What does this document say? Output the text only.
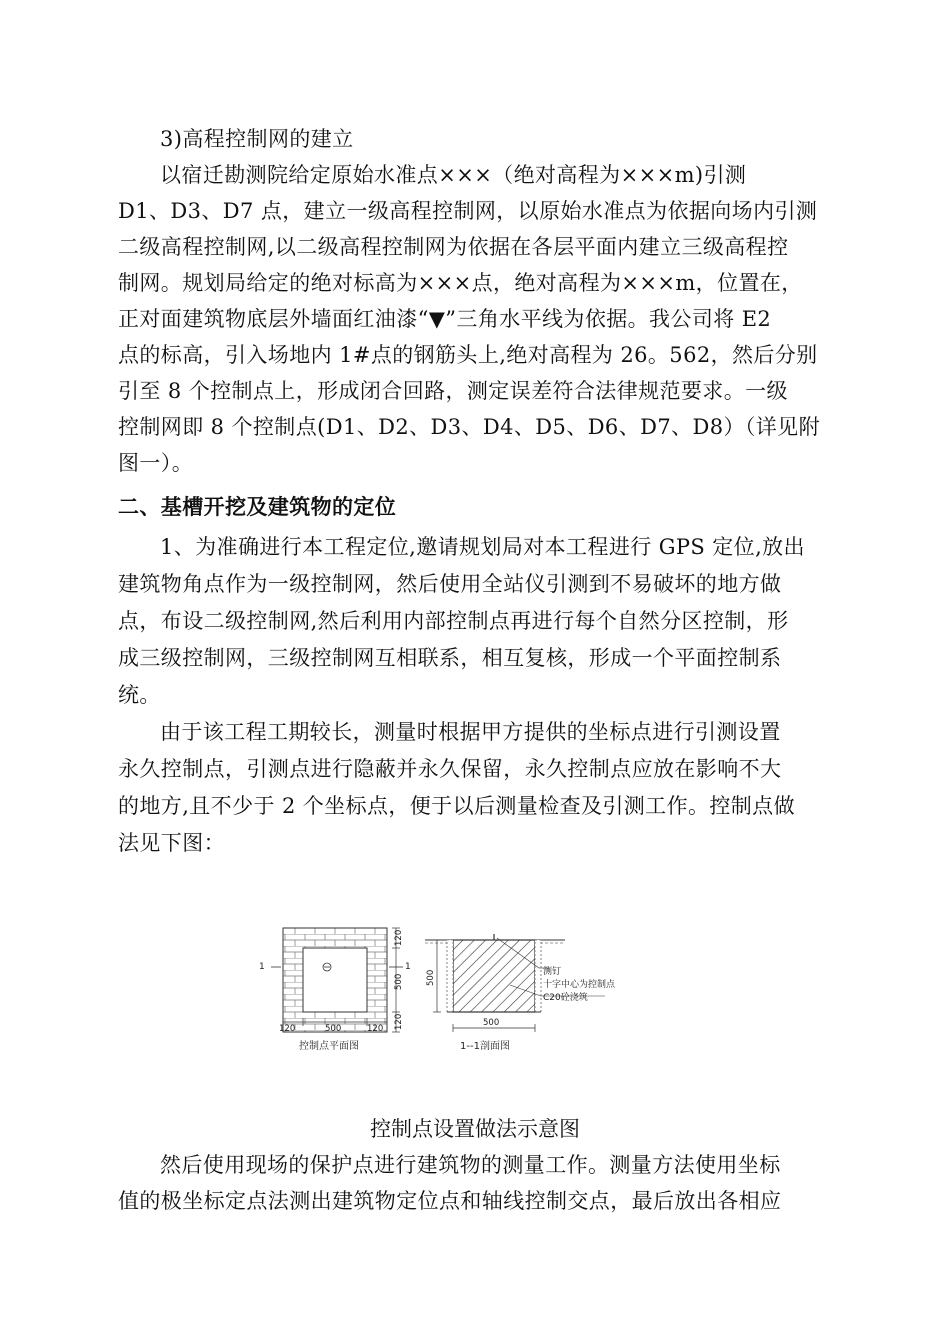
3)高程控制网的建立
以宿迁勘测院给定原始水准点×××（绝对高程为×××m)引测
D1、D3、D7 点，建立一级高程控制网，以原始水准点为依据向场内引测
二级高程控制网,以二级高程控制网为依据在各层平面内建立三级高程控
制网。规划局给定的绝对标高为×××点，绝对高程为×××m，位置在，
正对面建筑物底层外墙面红油漆“▼”三角水平线为依据。我公司将 E2
点的标高，引入场地内 1#点的钢筋头上,绝对高程为 26。562，然后分别
引至 8 个控制点上，形成闭合回路，测定误差符合法律规范要求。一级
控制网即 8 个控制点(D1、D2、D3、D4、D5、D6、D7、D8）（详见附
图一）。
二、基槽开挖及建筑物的定位
1、为准确进行本工程定位,邀请规划局对本工程进行 GPS 定位,放出
建筑物角点作为一级控制网，然后使用全站仪引测到不易破坏的地方做
点，布设二级控制网,然后利用内部控制点再进行每个自然分区控制，形
成三级控制网，三级控制网互相联系，相互复核，形成一个平面控制系
统。
由于该工程工期较长，测量时根据甲方提供的坐标点进行引测设置
永久控制点，引测点进行隐蔽并永久保留，永久控制点应放在影响不大
的地方,且不少于 2 个坐标点，便于以后测量检查及引测工作。控制点做
法见下图：
1	1
120	500	120
120
500
120
控制点平面图
500
500
测钉
十字中心为控制点
C20砼浇筑
1--1剖面图
控制点设置做法示意图
然后使用现场的保护点进行建筑物的测量工作。测量方法使用坐标
值的极坐标定点法测出建筑物定位点和轴线控制交点，最后放出各相应
